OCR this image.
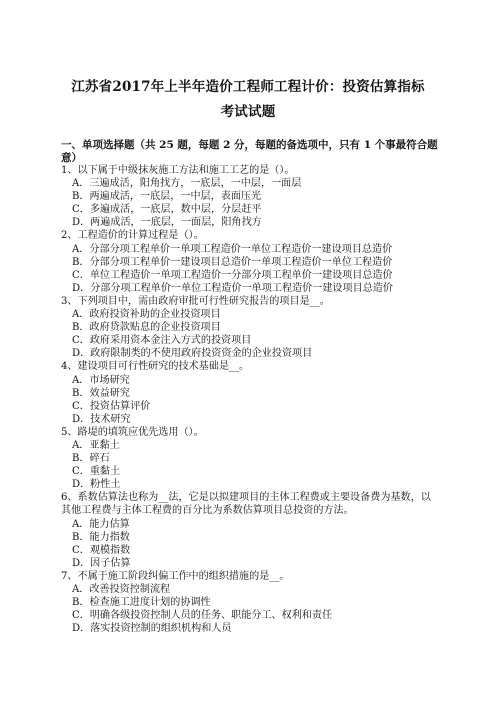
江苏省2017年上半年造价工程师工程计价：投资估算指标
考试试题
一、单项选择题（共 25 题，每题 2 分，每题的备选项中，只有 1 个事最符合题意）
1、以下属于中级抹灰施工方法和施工工艺的是（）。
A．三遍成活，阳角找方，一底层，一中层，一面层
B．两遍成活，一底层，一中层，表面压光
C．多遍成活，一底层，数中层，分层赶平
D．两遍成活，一底层，一面层，阳角找方
2、工程造价的计算过程是（）。
A．分部分项工程单价一单项工程造价一单位工程造价一建设项目总造价
B．分部分项工程单价一建设项目总造价一单项工程造价一单位工程造价
C．单位工程造价一单项工程造价一分部分项工程单价一建设项目总造价
D．分部分项工程单价一单位工程造价一单项工程造价一建设项目总造价
3、下列项目中，需由政府审批可行性研究报告的项目是__。
A．政府投资补助的企业投资项目
B．政府贷款贴息的企业投资项目
C．政府采用资本金注入方式的投资项目
D．政府限制类的不使用政府投资资金的企业投资项目
4、建设项目可行性研究的技术基础是__。
A．市场研究
B．效益研究
C．投资估算评价
D．技术研究
5、路堤的填筑应优先选用（）。
A．亚黏土
B．碎石
C．重黏土
D．粉性土
6、系数估算法也称为__法，它是以拟建项目的主体工程费或主要设备费为基数，以其他工程费与主体工程费的百分比为系数估算项目总投资的方法。
A．能力估算
B．能力指数
C．观模指数
D．因子估算
7、不属于施工阶段纠偏工作中的组织措施的是__。
A．改善投资控制流程
B．检查施工进度计划的协调性
C．明确各级投资控制人员的任务、职能分工、权利和责任
D．落实投资控制的组织机构和人员
